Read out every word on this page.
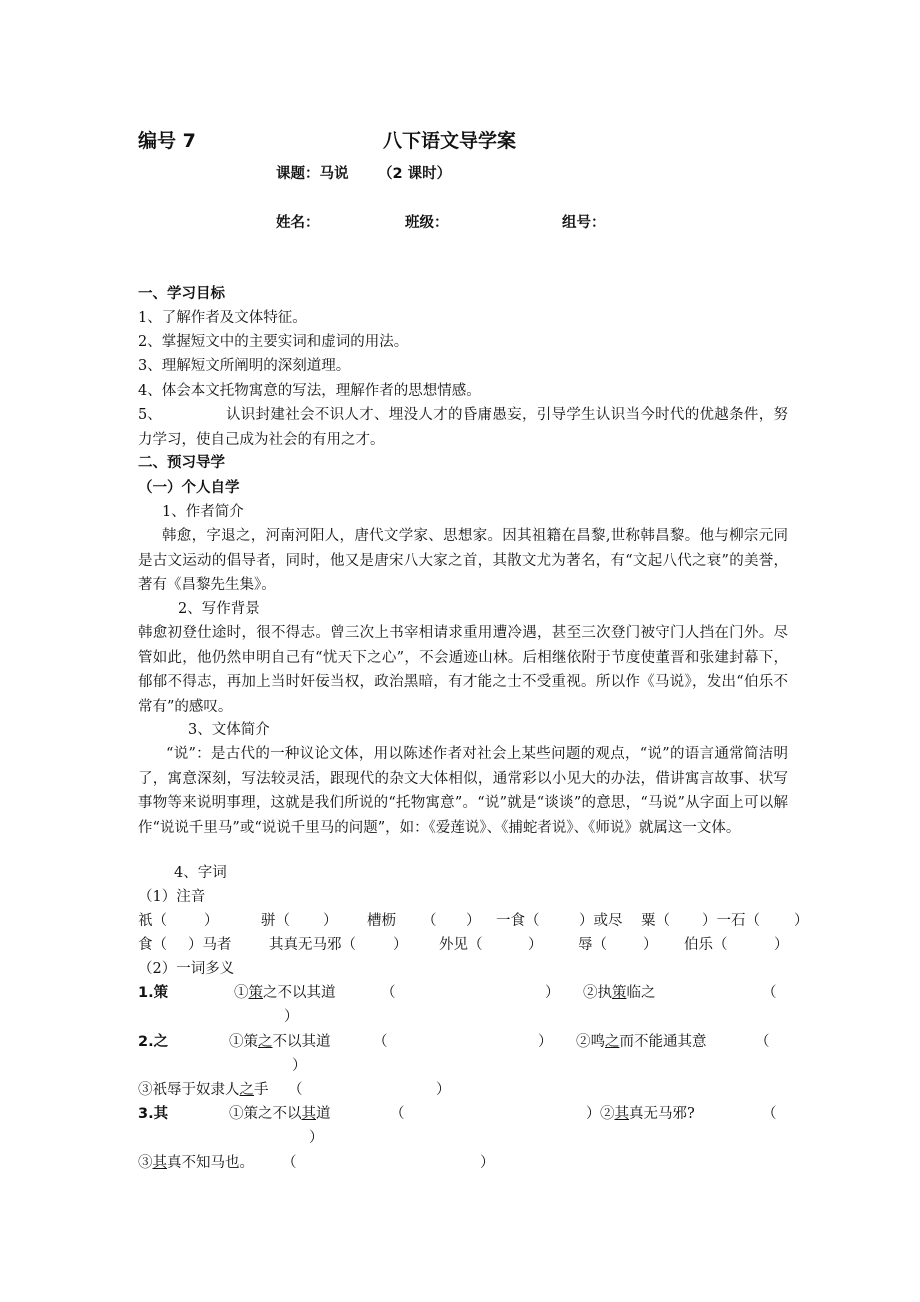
编号 7	八下语文导学案
课题：马说 （2 课时）
姓名：	班级：	组号：
一、学习目标
1、了解作者及文体特征。
2、掌握短文中的主要实词和虚词的用法。
3、理解短文所阐明的深刻道理。
4、体会本文托物寓意的写法，理解作者的思想情感。
5、	认识封建社会不识人才、埋没人才的昏庸愚妄，引导学生认识当今时代的优越条件，努力学习，使自己成为社会的有用之才。
二、预习导学
（一）个人自学
1、作者简介
韩愈，字退之，河南河阳人，唐代文学家、思想家。因其祖籍在昌黎,世称韩昌黎。他与柳宗元同是古文运动的倡导者，同时，他又是唐宋八大家之首，其散文尤为著名，有“文起八代之衰”的美誉，著有《昌黎先生集》。
2、写作背景
韩愈初登仕途时，很不得志。曾三次上书宰相请求重用遭冷遇，甚至三次登门被守门人挡在门外。尽管如此，他仍然申明自己有“忧天下之心”，不会遁迹山林。后相继依附于节度使董晋和张建封幕下，郁郁不得志，再加上当时奸佞当权，政治黑暗，有才能之士不受重视。所以作《马说》，发出“伯乐不常有”的感叹。
3、文体简介
“说”：是古代的一种议论文体，用以陈述作者对社会上某些问题的观点，“说”的语言通常简洁明了，寓意深刻，写法较灵活，跟现代的杂文大体相似，通常彩以小见大的办法，借讲寓言故事、状写事物等来说明事理，这就是我们所说的“托物寓意”。“说”就是“谈谈”的意思，“马说”从字面上可以解作“说说千里马”或“说说千里马的问题”，如：《爱莲说》、《捕蛇者说》、《师说》就属这一文体。
4、字词
（1）注音
祇（	）	骈（ ） 槽枥 （ ） 一食（	）或尽 粟（ ）一石（ ）
食（ ）马者	其真无马邪（	） 外见（	） 辱（ ） 伯乐（	）
（2）一词多义
1.策	①策之不以其道	（	） ②执策临之	（
）
2.之	①策之不以其道	（	） ②鸣之而不能通其意	（
）
③祇辱于奴隶人之手 （	）
3.其	①策之不以其道	（	） ②其真无马邪?	（
）
③其真不知马也。 （	）
